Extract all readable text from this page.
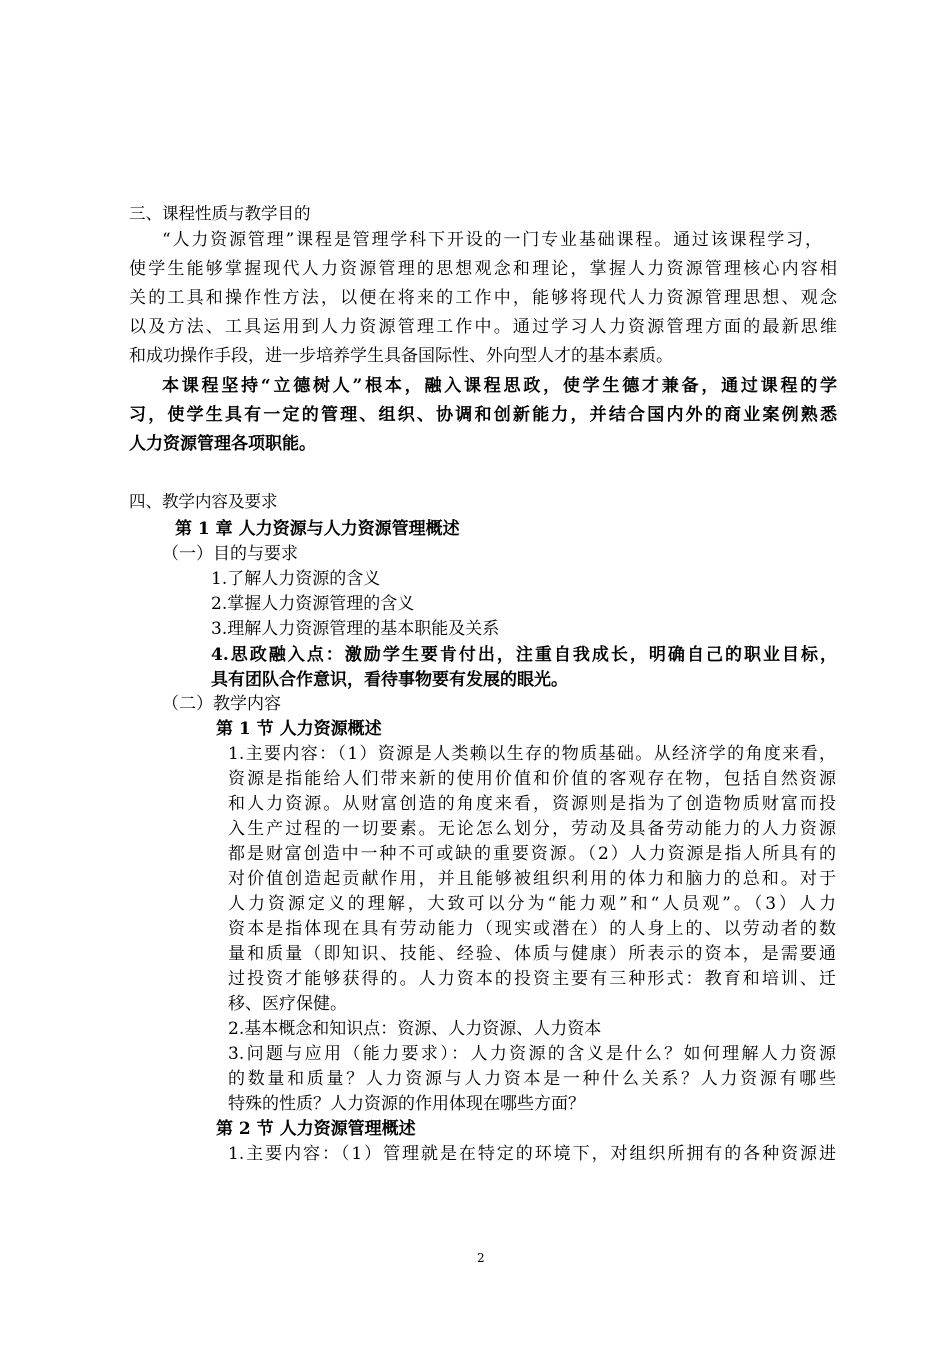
三、课程性质与教学目的
“人力资源管理”课程是管理学科下开设的一门专业基础课程。通过该课程学习，
使学生能够掌握现代人力资源管理的思想观念和理论，掌握人力资源管理核心内容相
关的工具和操作性方法，以便在将来的工作中，能够将现代人力资源管理思想、观念
以及方法、工具运用到人力资源管理工作中。通过学习人力资源管理方面的最新思维
和成功操作手段，进一步培养学生具备国际性、外向型人才的基本素质。
本课程坚持“立德树人”根本，融入课程思政，使学生德才兼备，通过课程的学
习，使学生具有一定的管理、组织、协调和创新能力，并结合国内外的商业案例熟悉
人力资源管理各项职能。
四、教学内容及要求
第 1 章 人力资源与人力资源管理概述
（一）目的与要求
1.了解人力资源的含义
2.掌握人力资源管理的含义
3.理解人力资源管理的基本职能及关系
4.思政融入点：激励学生要肯付出，注重自我成长，明确自己的职业目标，
具有团队合作意识，看待事物要有发展的眼光。
（二）教学内容
第 1 节 人力资源概述
1.主要内容：（1）资源是人类赖以生存的物质基础。从经济学的角度来看，
资源是指能给人们带来新的使用价值和价值的客观存在物，包括自然资源
和人力资源。从财富创造的角度来看，资源则是指为了创造物质财富而投
入生产过程的一切要素。无论怎么划分，劳动及具备劳动能力的人力资源
都是财富创造中一种不可或缺的重要资源。（2）人力资源是指人所具有的
对价值创造起贡献作用，并且能够被组织利用的体力和脑力的总和。对于
人力资源定义的理解，大致可以分为“能力观”和“人员观”。（3）人力
资本是指体现在具有劳动能力（现实或潜在）的人身上的、以劳动者的数
量和质量（即知识、技能、经验、体质与健康）所表示的资本，是需要通
过投资才能够获得的。人力资本的投资主要有三种形式：教育和培训、迁
移、医疗保健。
2.基本概念和知识点：资源、人力资源、人力资本
3.问题与应用（能力要求）：人力资源的含义是什么？如何理解人力资源
的数量和质量？人力资源与人力资本是一种什么关系？人力资源有哪些
特殊的性质？人力资源的作用体现在哪些方面？
第 2 节 人力资源管理概述
1.主要内容：（1）管理就是在特定的环境下，对组织所拥有的各种资源进
2
